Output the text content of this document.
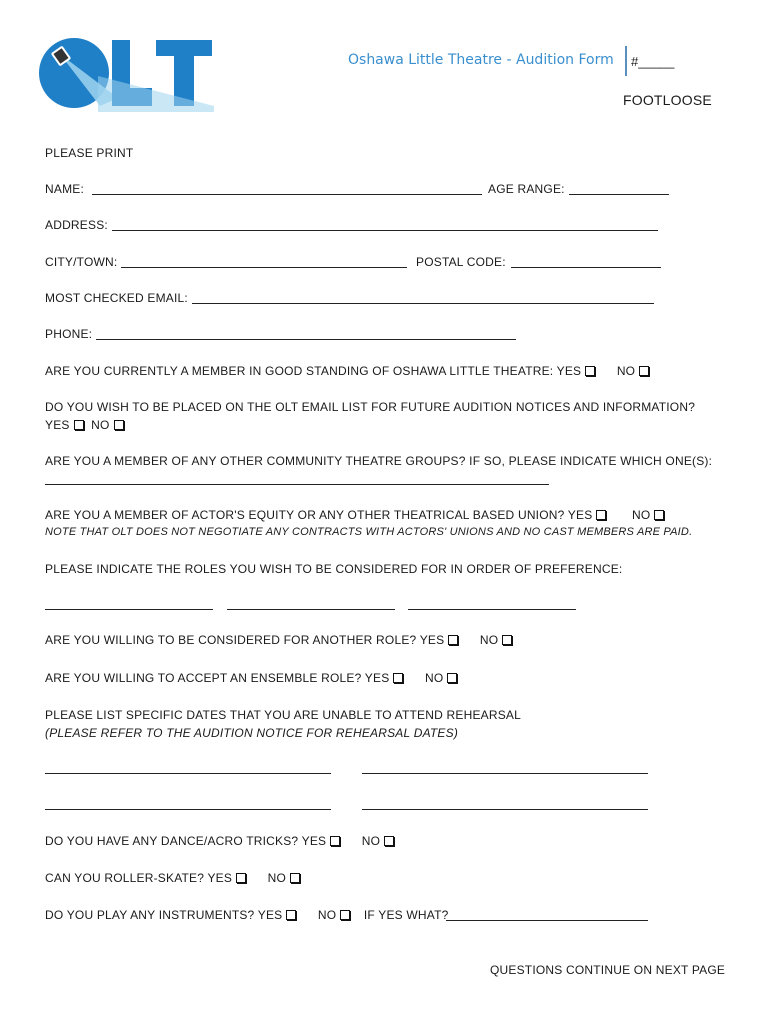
Oshawa Little Theatre - Audition Form #_____
FOOTLOOSE
PLEASE PRINT
NAME:	AGE RANGE:
ADDRESS:
CITY/TOWN:	POSTAL CODE:
MOST CHECKED EMAIL:
PHONE:
ARE YOU CURRENTLY A MEMBER IN GOOD STANDING OF OSHAWA LITTLE THEATRE: YES	NO
DO YOU WISH TO BE PLACED ON THE OLT EMAIL LIST FOR FUTURE AUDITION NOTICES AND INFORMATION?
YES NO
ARE YOU A MEMBER OF ANY OTHER COMMUNITY THEATRE GROUPS? IF SO, PLEASE INDICATE WHICH ONE(S):
ARE YOU A MEMBER OF ACTOR'S EQUITY OR ANY OTHER THEATRICAL BASED UNION? YES	NO
NOTE THAT OLT DOES NOT NEGOTIATE ANY CONTRACTS WITH ACTORS' UNIONS AND NO CAST MEMBERS ARE PAID.
PLEASE INDICATE THE ROLES YOU WISH TO BE CONSIDERED FOR IN ORDER OF PREFERENCE:
ARE YOU WILLING TO BE CONSIDERED FOR ANOTHER ROLE? YES	NO
ARE YOU WILLING TO ACCEPT AN ENSEMBLE ROLE? YES	NO
PLEASE LIST SPECIFIC DATES THAT YOU ARE UNABLE TO ATTEND REHEARSAL
(PLEASE REFER TO THE AUDITION NOTICE FOR REHEARSAL DATES)
DO YOU HAVE ANY DANCE/ACRO TRICKS? YES	NO
CAN YOU ROLLER-SKATE? YES	NO
DO YOU PLAY ANY INSTRUMENTS? YES	NO IF YES WHAT?
QUESTIONS CONTINUE ON NEXT PAGE
